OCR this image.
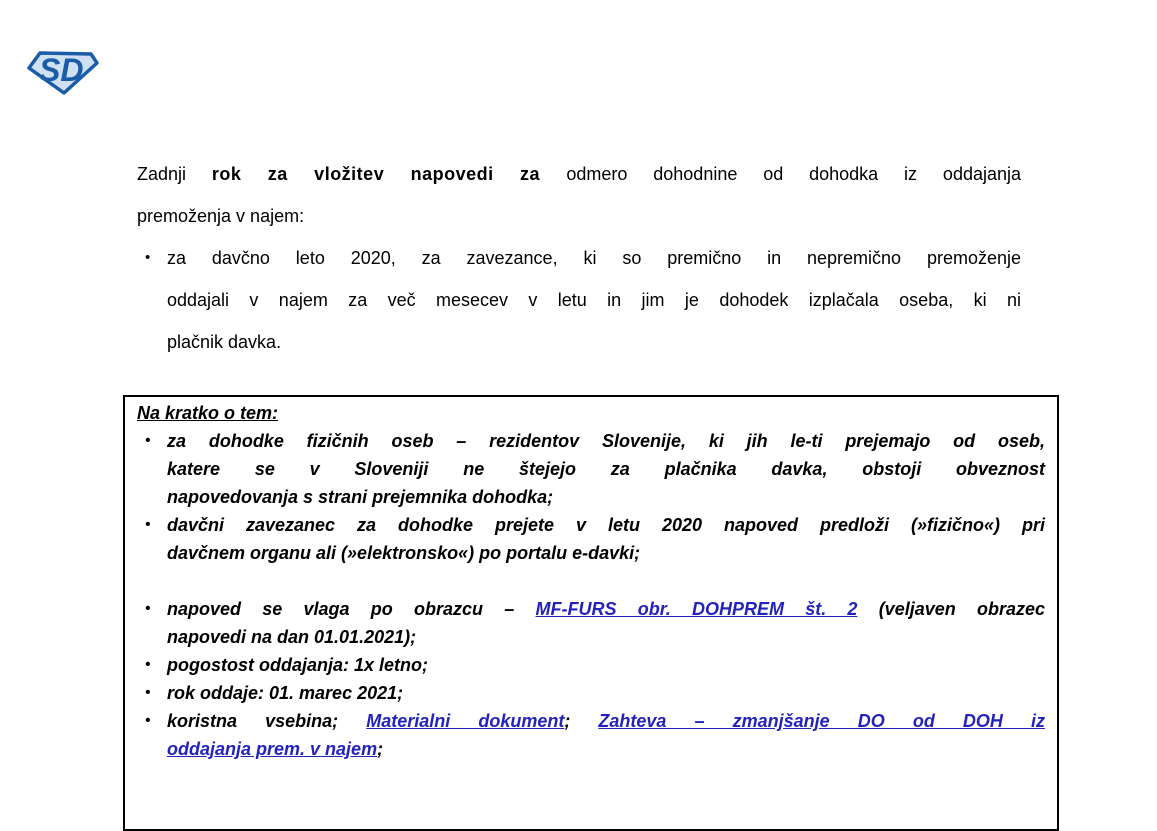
SD
Zadnji rok za vložitev napovedi za odmero dohodnine od dohodka iz oddajanja
premoženja v najem:
• za davčno leto 2020, za zavezance, ki so premično in nepremično premoženje
oddajali v najem za več mesecev v letu in jim je dohodek izplačala oseba, ki ni
plačnik davka.
Na kratko o tem:
• za dohodke fizičnih oseb – rezidentov Slovenije, ki jih le-ti prejemajo od oseb,
katere se v Sloveniji ne štejejo za plačnika davka, obstoji obveznost
napovedovanja s strani prejemnika dohodka;
• davčni zavezanec za dohodke prejete v letu 2020 napoved predloži (»fizično«) pri
davčnem organu ali (»elektronsko«) po portalu e-davki;
• napoved se vlaga po obrazcu – MF-FURS obr. DOHPREM št. 2 (veljaven obrazec
napovedi na dan 01.01.2021);
• pogostost oddajanja: 1x letno;
• rok oddaje: 01. marec 2021;
• koristna vsebina; Materialni dokument; Zahteva – zmanjšanje DO od DOH iz
oddajanja prem. v najem;
